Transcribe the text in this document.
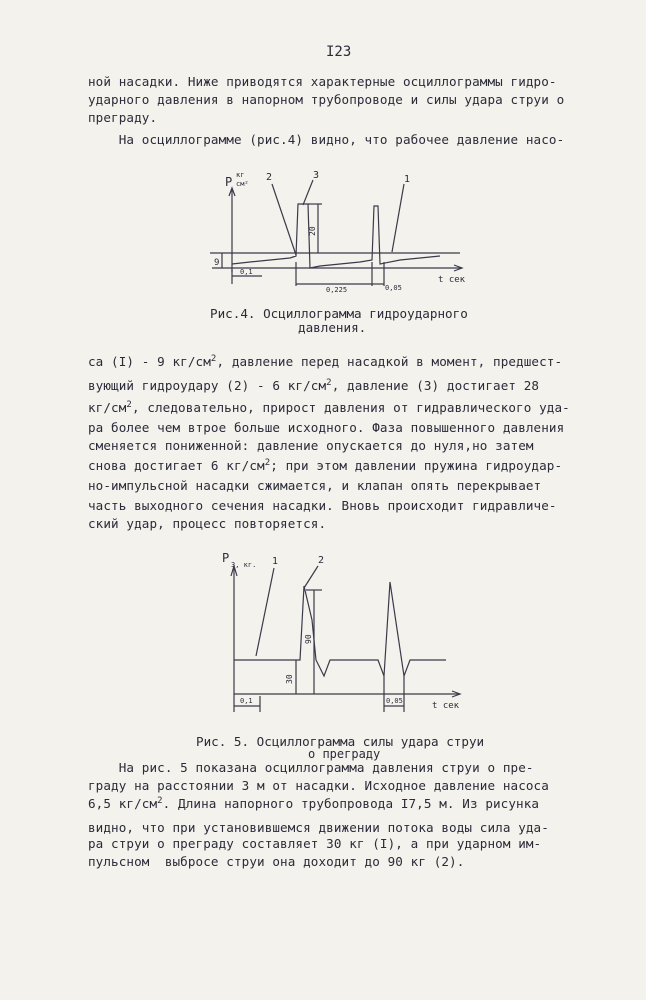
I23
ной насадки. Ниже приводятся характерные осциллограммы гидро-
ударного давления в напорном трубопроводе и силы удара струи о
преграду.
На осциллограмме (рис.4) видно, что рабочее давление насо-
P кг
см²
t сек
2	3	1
9
20
0,1
0,225	0,05
Рис.4. Осциллограмма гидроударного
давления.
са (I) - 9 $кг/см^2$, давление перед насадкой в момент, предшест-
вующий гидроудару (2) - 6 $кг/см^2$, давление (3) достигает 28
$кг/см^2$, следовательно, прирост давления от гидравлического уда-
ра более чем втрое больше исходного. Фаза повышенного давления
сменяется пониженной: давление опускается до нуля,но затем
снова достигает 6 $кг/см^2$; при этом давлении пружина гидроудар-
но-импульсной насадки сжимается, и клапан опять перекрывает
часть выходного сечения насадки. Вновь происходит гидравличе-
ский удар, процесс повторяется.
P 3, кг.
t сек
1	2
30
90
0,1	0,05
Рис. 5. Осциллограмма силы удара струи
о преграду
На рис. 5 показана осциллограмма давления струи о пре-
граду на расстоянии 3 м от насадки. Исходное давление насоса
6,5 $кг/см^2$. Длина напорного трубопровода I7,5 м. Из рисунка
видно, что при установившемся движении потока воды сила уда-
ра струи о преграду составляет 30 кг (I), а при ударном им-
пульсном  выбросе струи она доходит до 90 кг (2).
